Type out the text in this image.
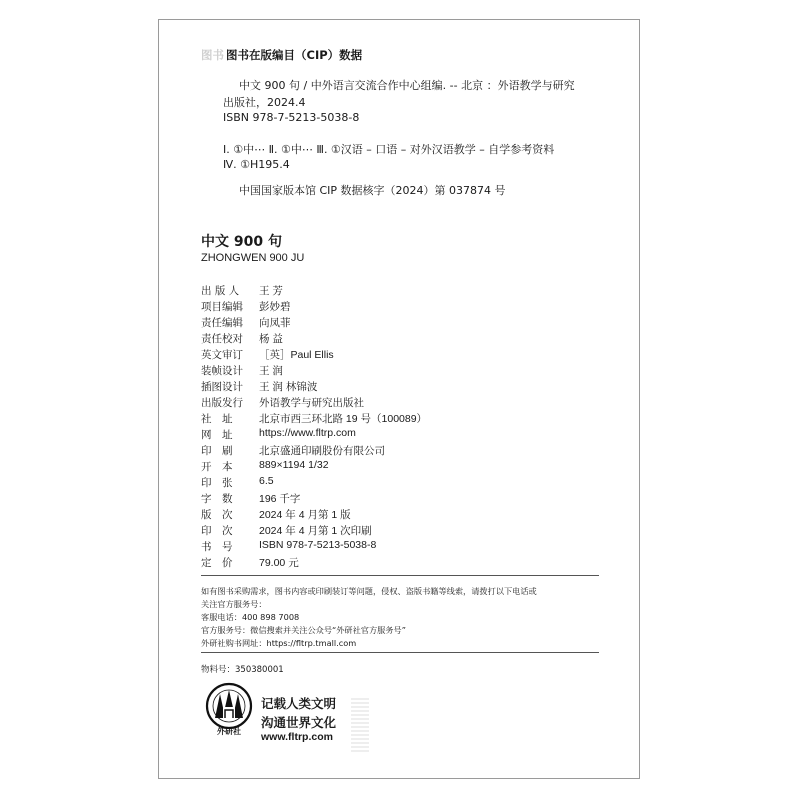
图书 图书在版编目（CIP）数据
中文 900 句 / 中外语言交流合作中心组编. -- 北京 ：外语教学与研究
出版社，2024.4
ISBN 978-7-5213-5038-8
Ⅰ. ①中⋯ Ⅱ. ①中⋯ Ⅲ. ①汉语 – 口语 – 对外汉语教学 – 自学参考资料
Ⅳ. ①H195.4
中国国家版本馆 CIP 数据核字（2024）第 037874 号
中文 900 句
ZHONGWEN 900 JU
出 版 人	王 芳
项目编辑	彭妙碧
责任编辑	向凤菲
责任校对	杨 益
英文审订	［英］Paul Ellis
装帧设计	王 润
插图设计	王 润 林锦波
出版发行	外语教学与研究出版社
社　址	北京市西三环北路 19 号（100089）
网　址	https://www.fltrp.com
印　刷	北京盛通印刷股份有限公司
开　本	889×1194 1/32
印　张	6.5
字　数	196 千字
版　次	2024 年 4 月第 1 版
印　次	2024 年 4 月第 1 次印刷
书　号	ISBN 978-7-5213-5038-8
定　价	79.00 元
如有图书采购需求，图书内容或印刷装订等问题，侵权、盗版书籍等线索，请拨打以下电话或
关注官方服务号：
客服电话：400 898 7008
官方服务号：微信搜索并关注公众号“外研社官方服务号”
外研社购书网址：https://fltrp.tmall.com
物料号：350380001
外研社
记载人类文明
沟通世界文化
www.fltrp.com
